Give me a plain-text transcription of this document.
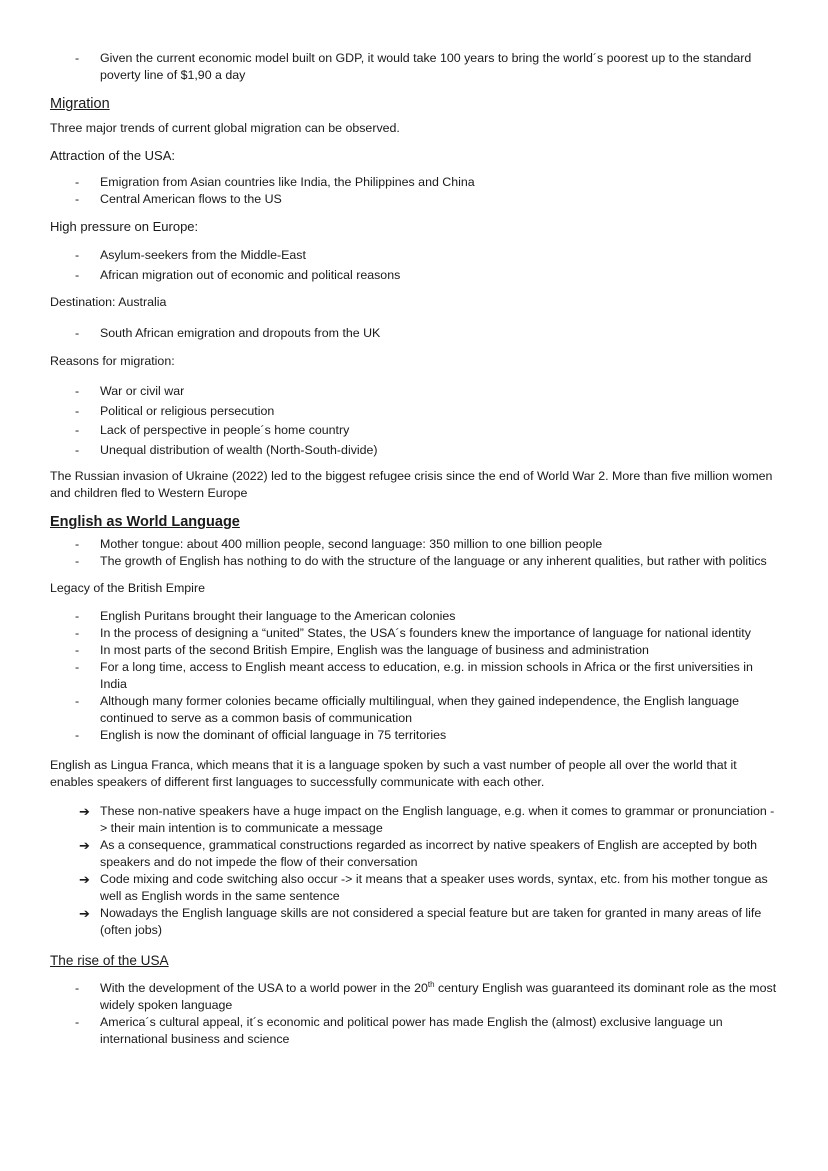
-	Given the current economic model built on GDP, it would take 100 years to bring the world´s poorest up to the standard poverty line of $1,90 a day
Migration

Three major trends of current global migration can be observed.

Attraction of the USA:

-	Emigration from Asian countries like India, the Philippines and China
-	Central American flows to the US

High pressure on Europe:

-	Asylum-seekers from the Middle-East
-	African migration out of economic and political reasons

Destination: Australia

-	South African emigration and dropouts from the UK

Reasons for migration:

-	War or civil war
-	Political or religious persecution
-	Lack of perspective in people´s home country
-	Unequal distribution of wealth (North-South-divide)

The Russian invasion of Ukraine (2022) led to the biggest refugee crisis since the end of World War 2. More than five million women and children fled to Western Europe

English as World Language
-	Mother tongue: about 400 million people, second language: 350 million to one billion people
-	The growth of English has nothing to do with the structure of the language or any inherent qualities, but rather with politics

Legacy of the British Empire

-	English Puritans brought their language to the American colonies
-	In the process of designing a “united” States, the USA´s founders knew the importance of language for national identity
-	In most parts of the second British Empire, English was the language of business and administration
-	For a long time, access to English meant access to education, e.g. in mission schools in Africa or the first universities in India
-	Although many former colonies became officially multilingual, when they gained independence, the English language continued to serve as a common basis of communication
-	English is now the dominant of official language in 75 territories

English as Lingua Franca, which means that it is a language spoken by such a vast number of people all over the world that it enables speakers of different first languages to successfully communicate with each other.

➔ These non-native speakers have a huge impact on the English language, e.g. when it comes to grammar or pronunciation -> their main intention is to communicate a message
➔ As a consequence, grammatical constructions regarded as incorrect by native speakers of English are accepted by both speakers and do not impede the flow of their conversation
➔ Code mixing and code switching also occur -> it means that a speaker uses words, syntax, etc. from his mother tongue as well as English words in the same sentence
➔ Nowadays the English language skills are not considered a special feature but are taken for granted in many areas of life (often jobs)
The rise of the USA
-	With the development of the USA to a world power in the 20th century English was guaranteed its dominant role as the most widely spoken language
-	America´s cultural appeal, it´s economic and political power has made English the (almost) exclusive language un international business and science
